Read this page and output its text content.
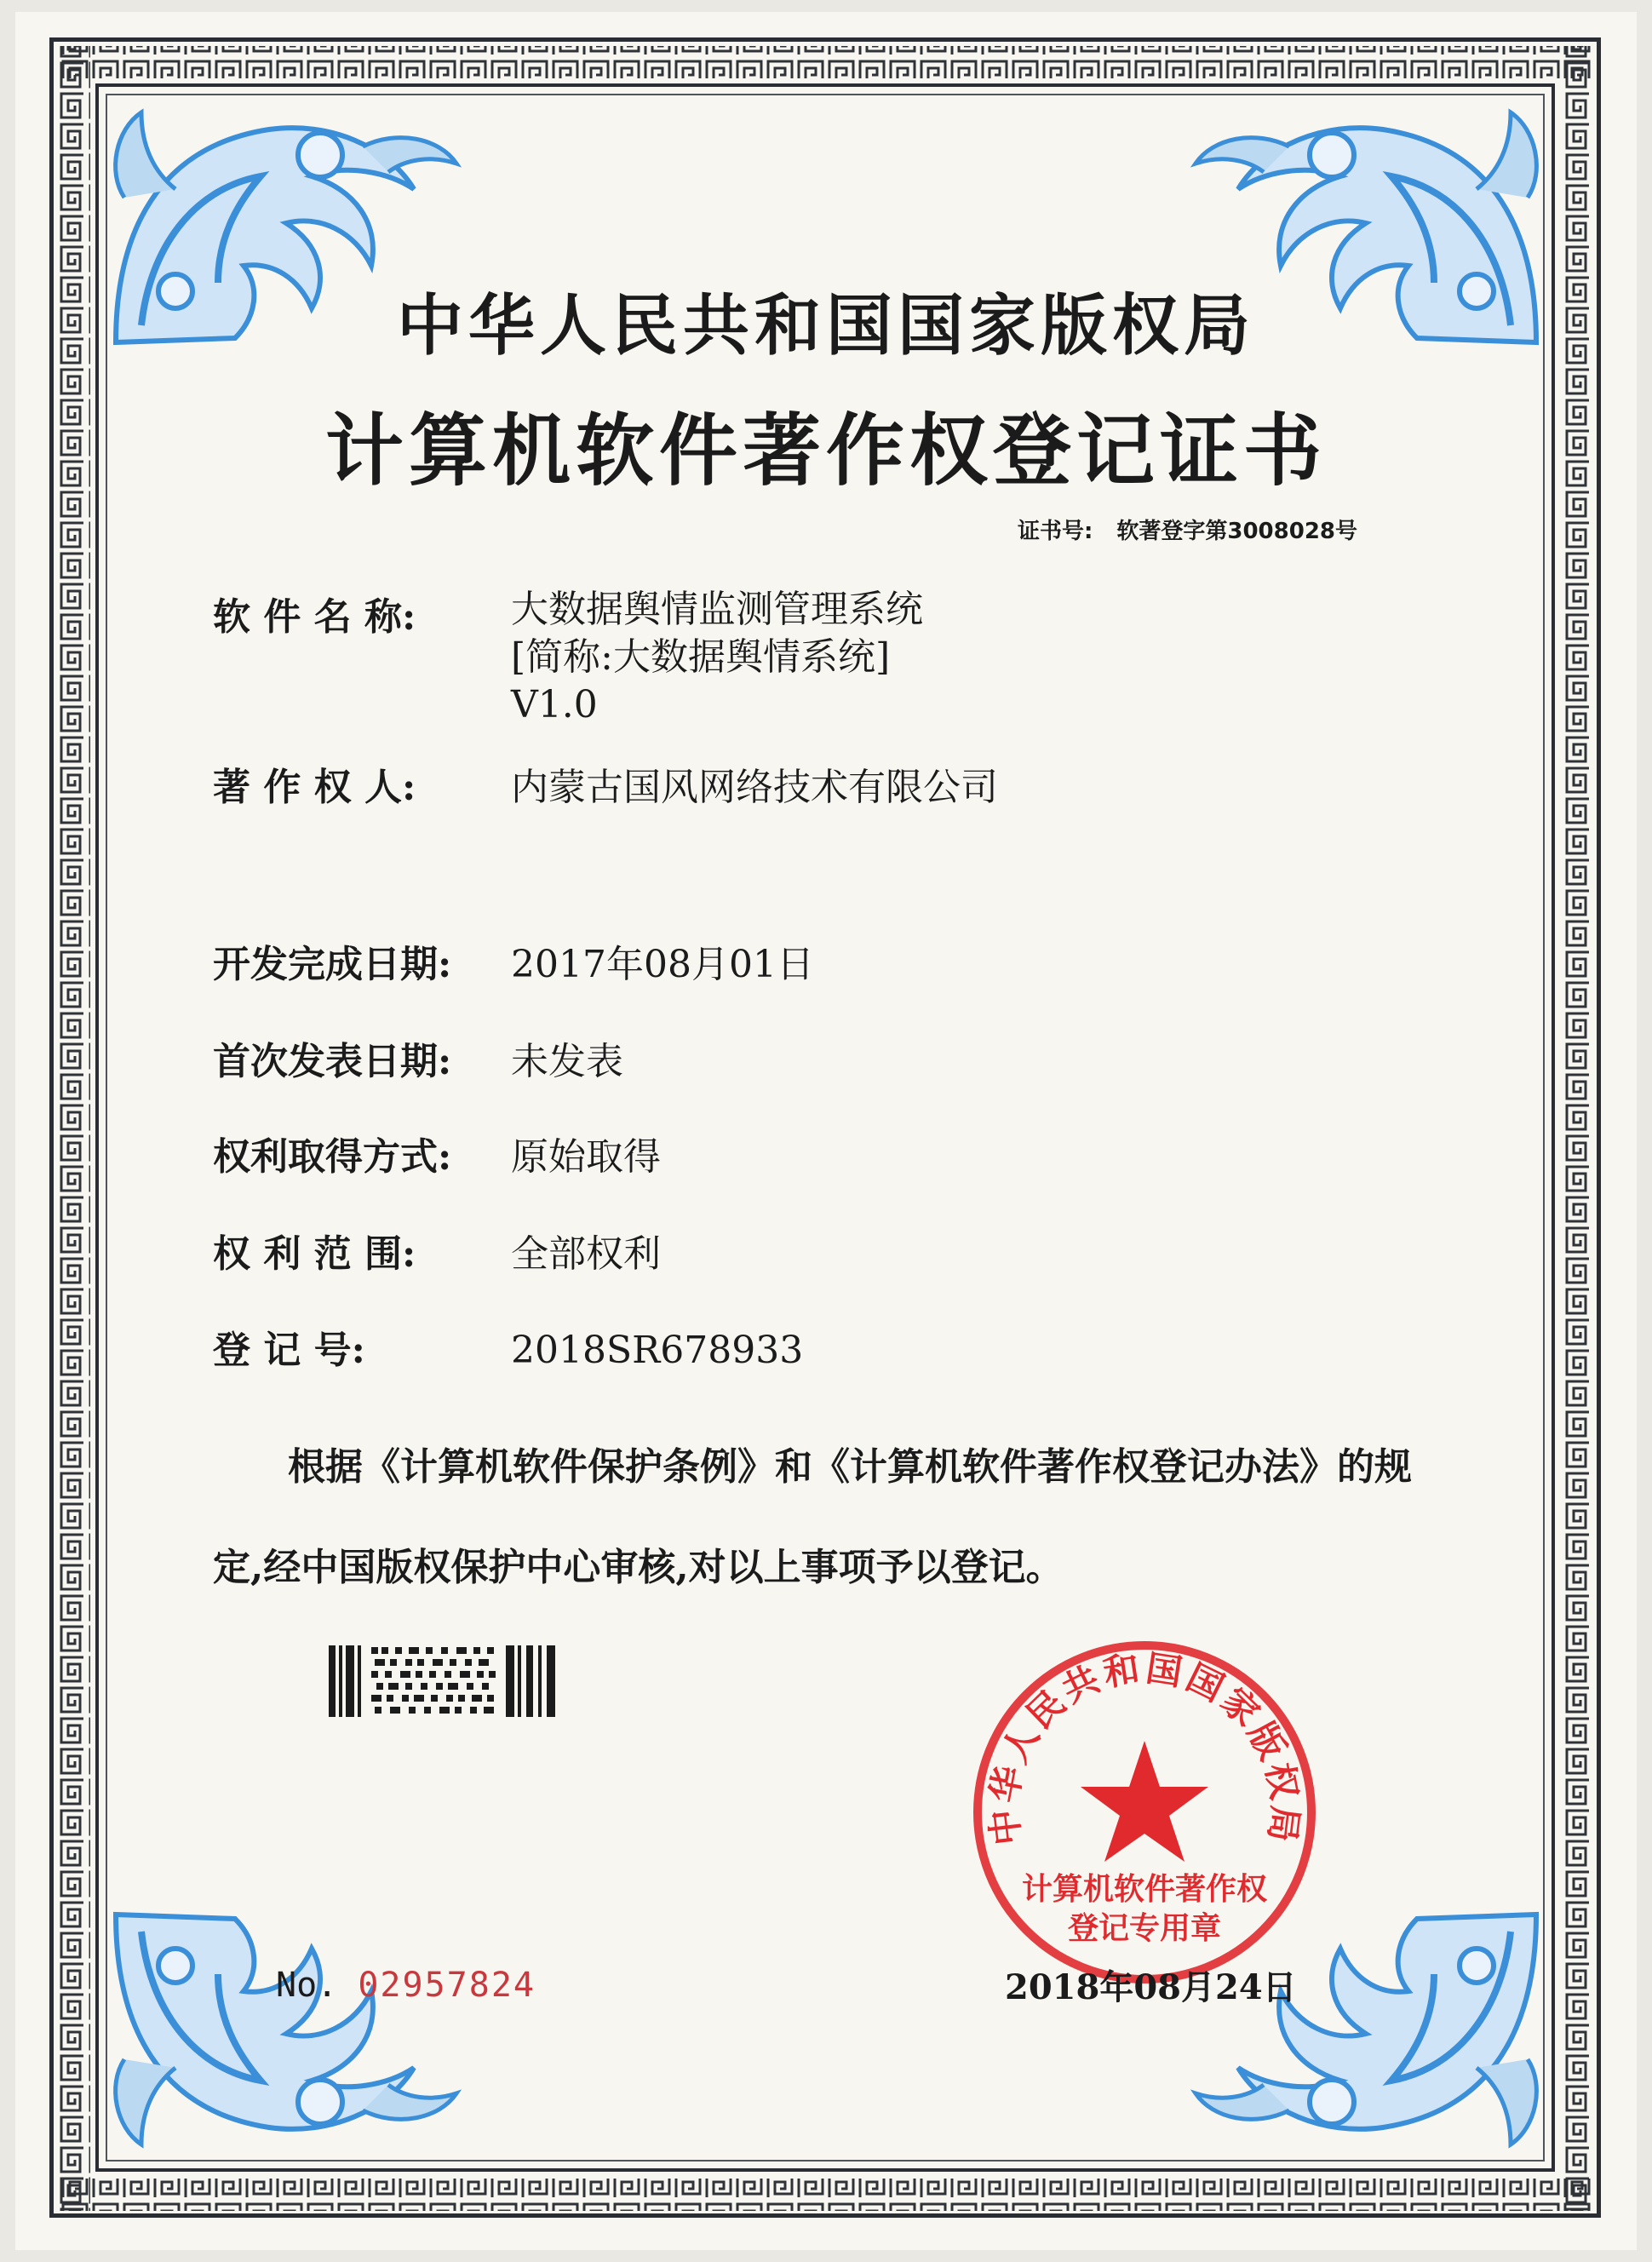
中华人民共和国国家版权局
计算机软件著作权登记证书
证书号: 软著登字第3008028号
软 件 名 称:	大数据舆情监测管理系统
[简称:大数据舆情系统]
V1.0
著 作 权 人:	内蒙古国风网络技术有限公司
开发完成日期: 2017年08月01日
首次发表日期: 未发表
权利取得方式: 原始取得
权 利 范 围:	全部权利
登 记 号:	2018SR678933
根据《计算机软件保护条例》和《计算机软件著作权登记办法》的规定,经中国版权保护中心审核,对以上事项予以登记。
No. 02957824
中华人民共和国国家版权局
计算机软件著作权
登记专用章
2018年08月24日
